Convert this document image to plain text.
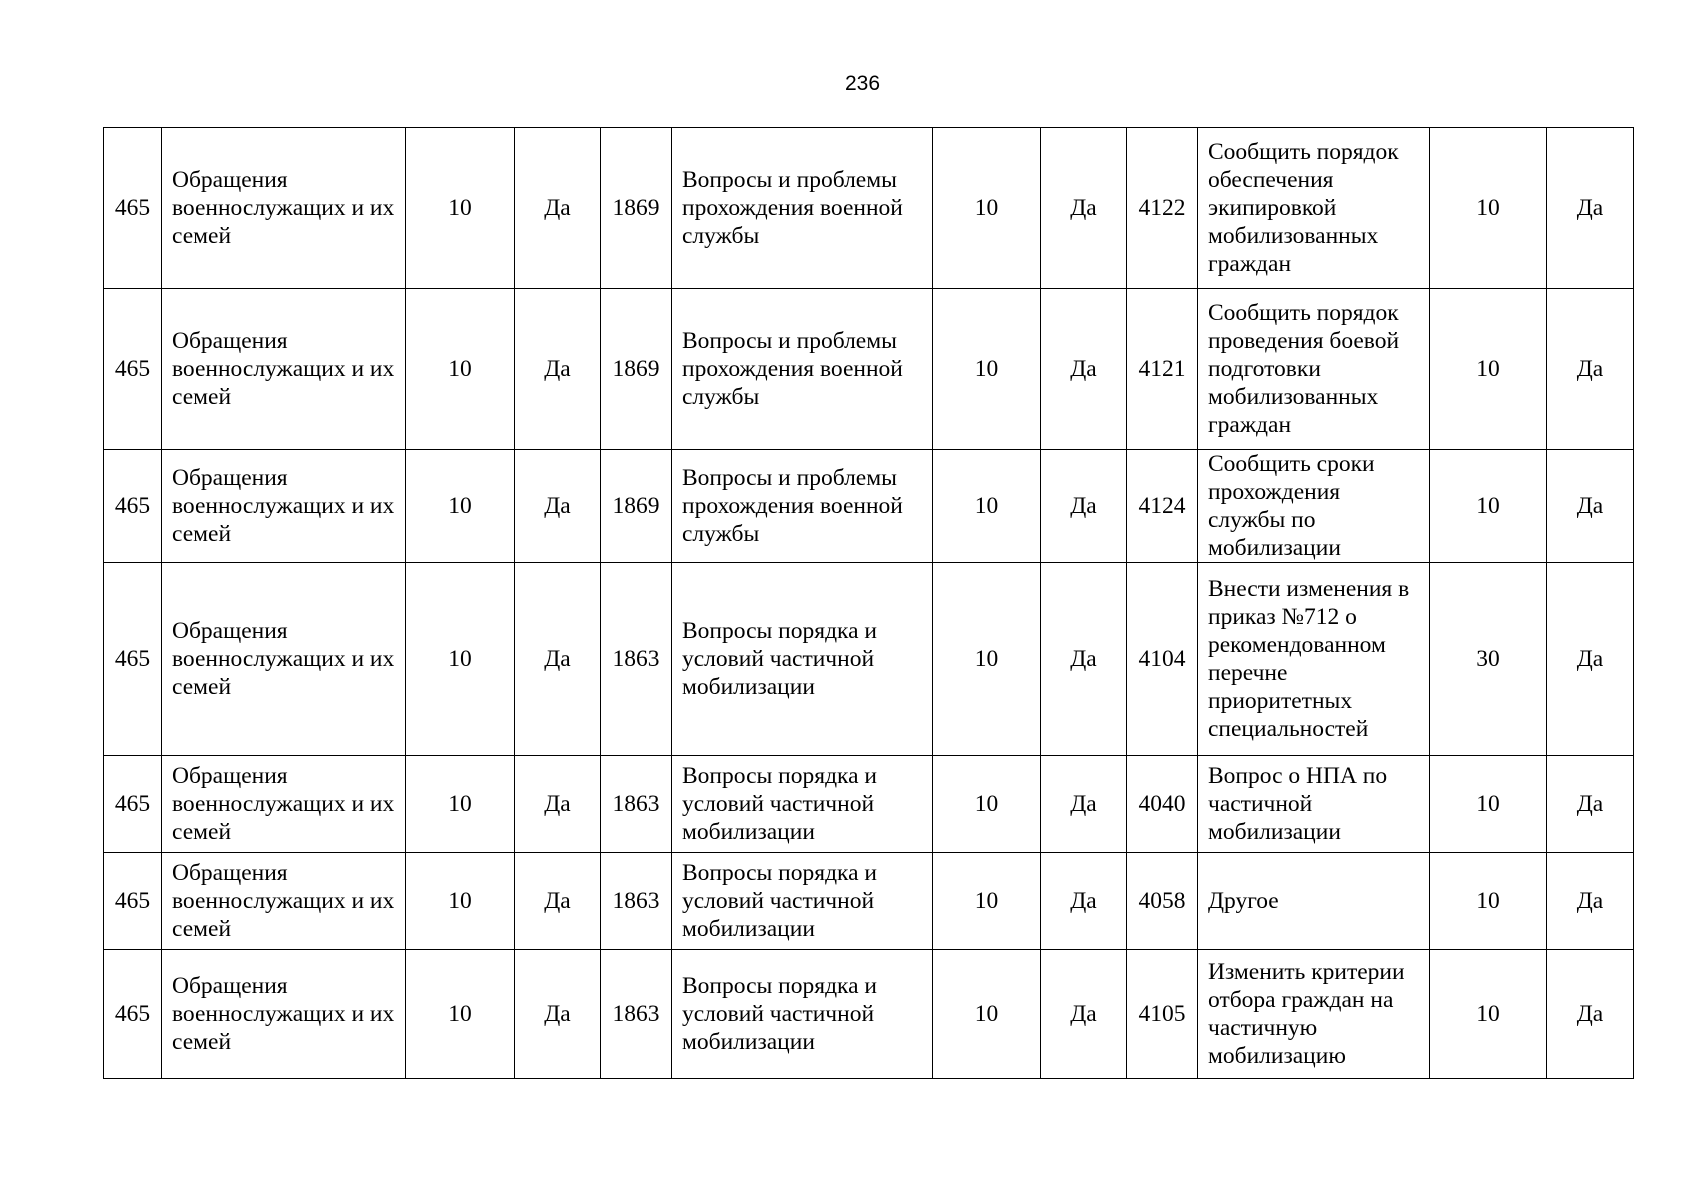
236
465	Обращения военнослужащих и их семей	10	Да	1869	Вопросы и проблемы прохождения военной службы	10	Да	4122	Сообщить порядок обеспечения экипировкой мобилизованных граждан	10	Да
465	Обращения военнослужащих и их семей	10	Да	1869	Вопросы и проблемы прохождения военной службы	10	Да	4121	Сообщить порядок проведения боевой подготовки мобилизованных граждан	10	Да
465	Обращения военнослужащих и их семей	10	Да	1869	Вопросы и проблемы прохождения военной службы	10	Да	4124	Сообщить сроки прохождения службы по мобилизации	10	Да
465	Обращения военнослужащих и их семей	10	Да	1863	Вопросы порядка и условий частичной мобилизации	10	Да	4104	Внести изменения в приказ №712 о рекомендованном перечне приоритетных специальностей	30	Да
465	Обращения военнослужащих и их семей	10	Да	1863	Вопросы порядка и условий частичной мобилизации	10	Да	4040	Вопрос о НПА по частичной мобилизации	10	Да
465	Обращения военнослужащих и их семей	10	Да	1863	Вопросы порядка и условий частичной мобилизации	10	Да	4058	Другое	10	Да
465	Обращения военнослужащих и их семей	10	Да	1863	Вопросы порядка и условий частичной мобилизации	10	Да	4105	Изменить критерии отбора граждан на частичную мобилизацию	10	Да
